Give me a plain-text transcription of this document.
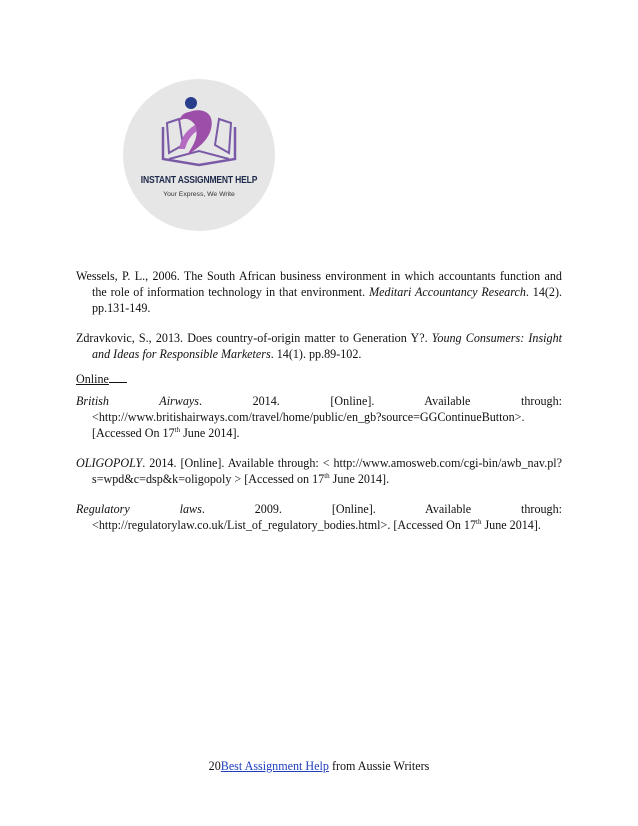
INSTANT ASSIGNMENT HELP
Your Express, We Write

Wessels, P. L., 2006. The South African business environment in which accountants function and the role of information technology in that environment. Meditari Accountancy Research. 14(2). pp.131-149.

Zdravkovic, S., 2013. Does country-of-origin matter to Generation Y?. Young Consumers: Insight and Ideas for Responsible Marketers. 14(1). pp.89-102.

Online

British Airways. 2014. [Online]. Available through:
<http://www.britishairways.com/travel/home/public/en_gb?source=GGContinueButton>.
[Accessed On 17th June 2014].

OLIGOPOLY. 2014. [Online]. Available through: < http://www.amosweb.com/cgi-bin/awb_nav.pl?s=wpd&c=dsp&k=oligopoly > [Accessed on 17th June 2014].

Regulatory laws. 2009. [Online]. Available through:
<http://regulatorylaw.co.uk/List_of_regulatory_bodies.html>. [Accessed On 17th June 2014].

20Best Assignment Help from Aussie Writers
